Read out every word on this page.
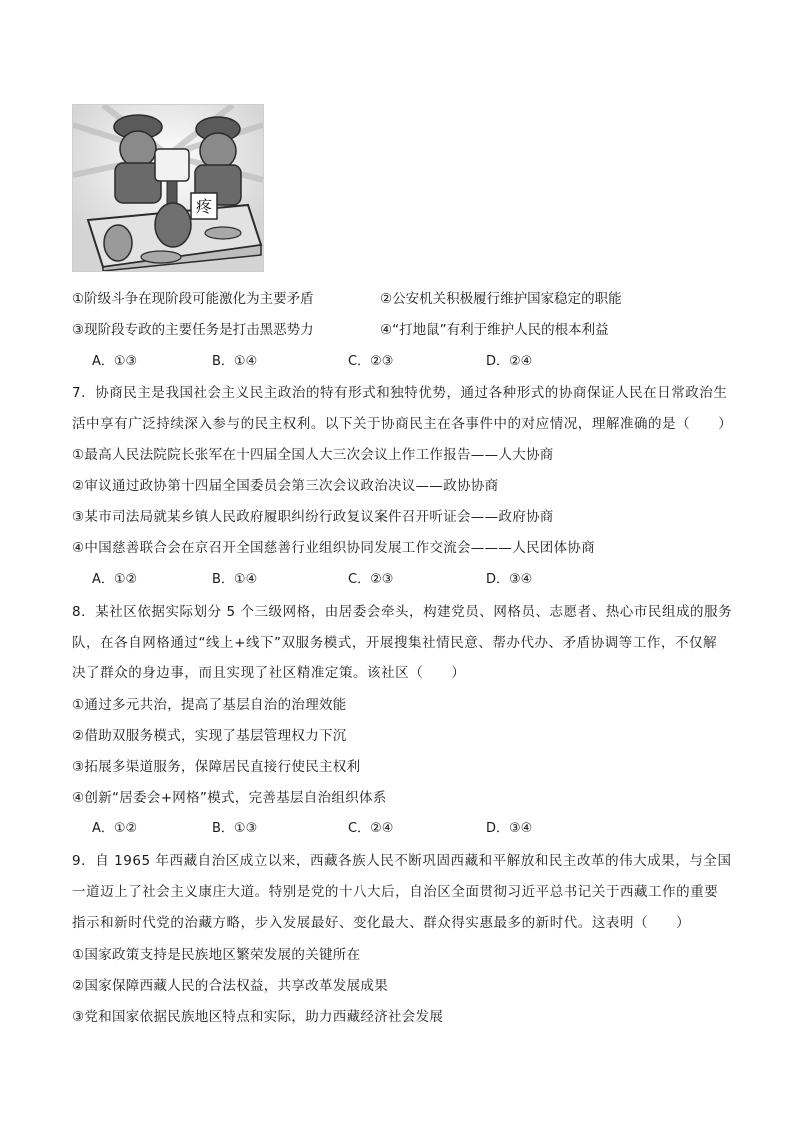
疼
①阶级斗争在现阶段可能激化为主要矛盾	②公安机关积极履行维护国家稳定的职能
③现阶段专政的主要任务是打击黑恶势力	④“打地鼠”有利于维护人民的根本利益
A．①③	B．①④	C．②③	D．②④
7．协商民主是我国社会主义民主政治的特有形式和独特优势，通过各种形式的协商保证人民在日常政治生
活中享有广泛持续深入参与的民主权利。以下关于协商民主在各事件中的对应情况，理解准确的是（　　）
①最高人民法院院长张军在十四届全国人大三次会议上作工作报告——人大协商
②审议通过政协第十四届全国委员会第三次会议政治决议——政协协商
③某市司法局就某乡镇人民政府履职纠纷行政复议案件召开听证会——政府协商
④中国慈善联合会在京召开全国慈善行业组织协同发展工作交流会———人民团体协商
A．①②	B．①④	C．②③	D．③④
8．某社区依据实际划分 5 个三级网格，由居委会牵头，构建党员、网格员、志愿者、热心市民组成的服务
队，在各自网格通过“线上+线下”双服务模式，开展搜集社情民意、帮办代办、矛盾协调等工作，不仅解
决了群众的身边事，而且实现了社区精准定策。该社区（　　）
①通过多元共治，提高了基层自治的治理效能
②借助双服务模式，实现了基层管理权力下沉
③拓展多渠道服务，保障居民直接行使民主权利
④创新“居委会+网格”模式，完善基层自治组织体系
A．①②	B．①③	C．②④	D．③④
9．自 1965 年西藏自治区成立以来，西藏各族人民不断巩固西藏和平解放和民主改革的伟大成果，与全国
一道迈上了社会主义康庄大道。特别是党的十八大后，自治区全面贯彻习近平总书记关于西藏工作的重要
指示和新时代党的治藏方略，步入发展最好、变化最大、群众得实惠最多的新时代。这表明（　　）
①国家政策支持是民族地区繁荣发展的关键所在
②国家保障西藏人民的合法权益，共享改革发展成果
③党和国家依据民族地区特点和实际，助力西藏经济社会发展
